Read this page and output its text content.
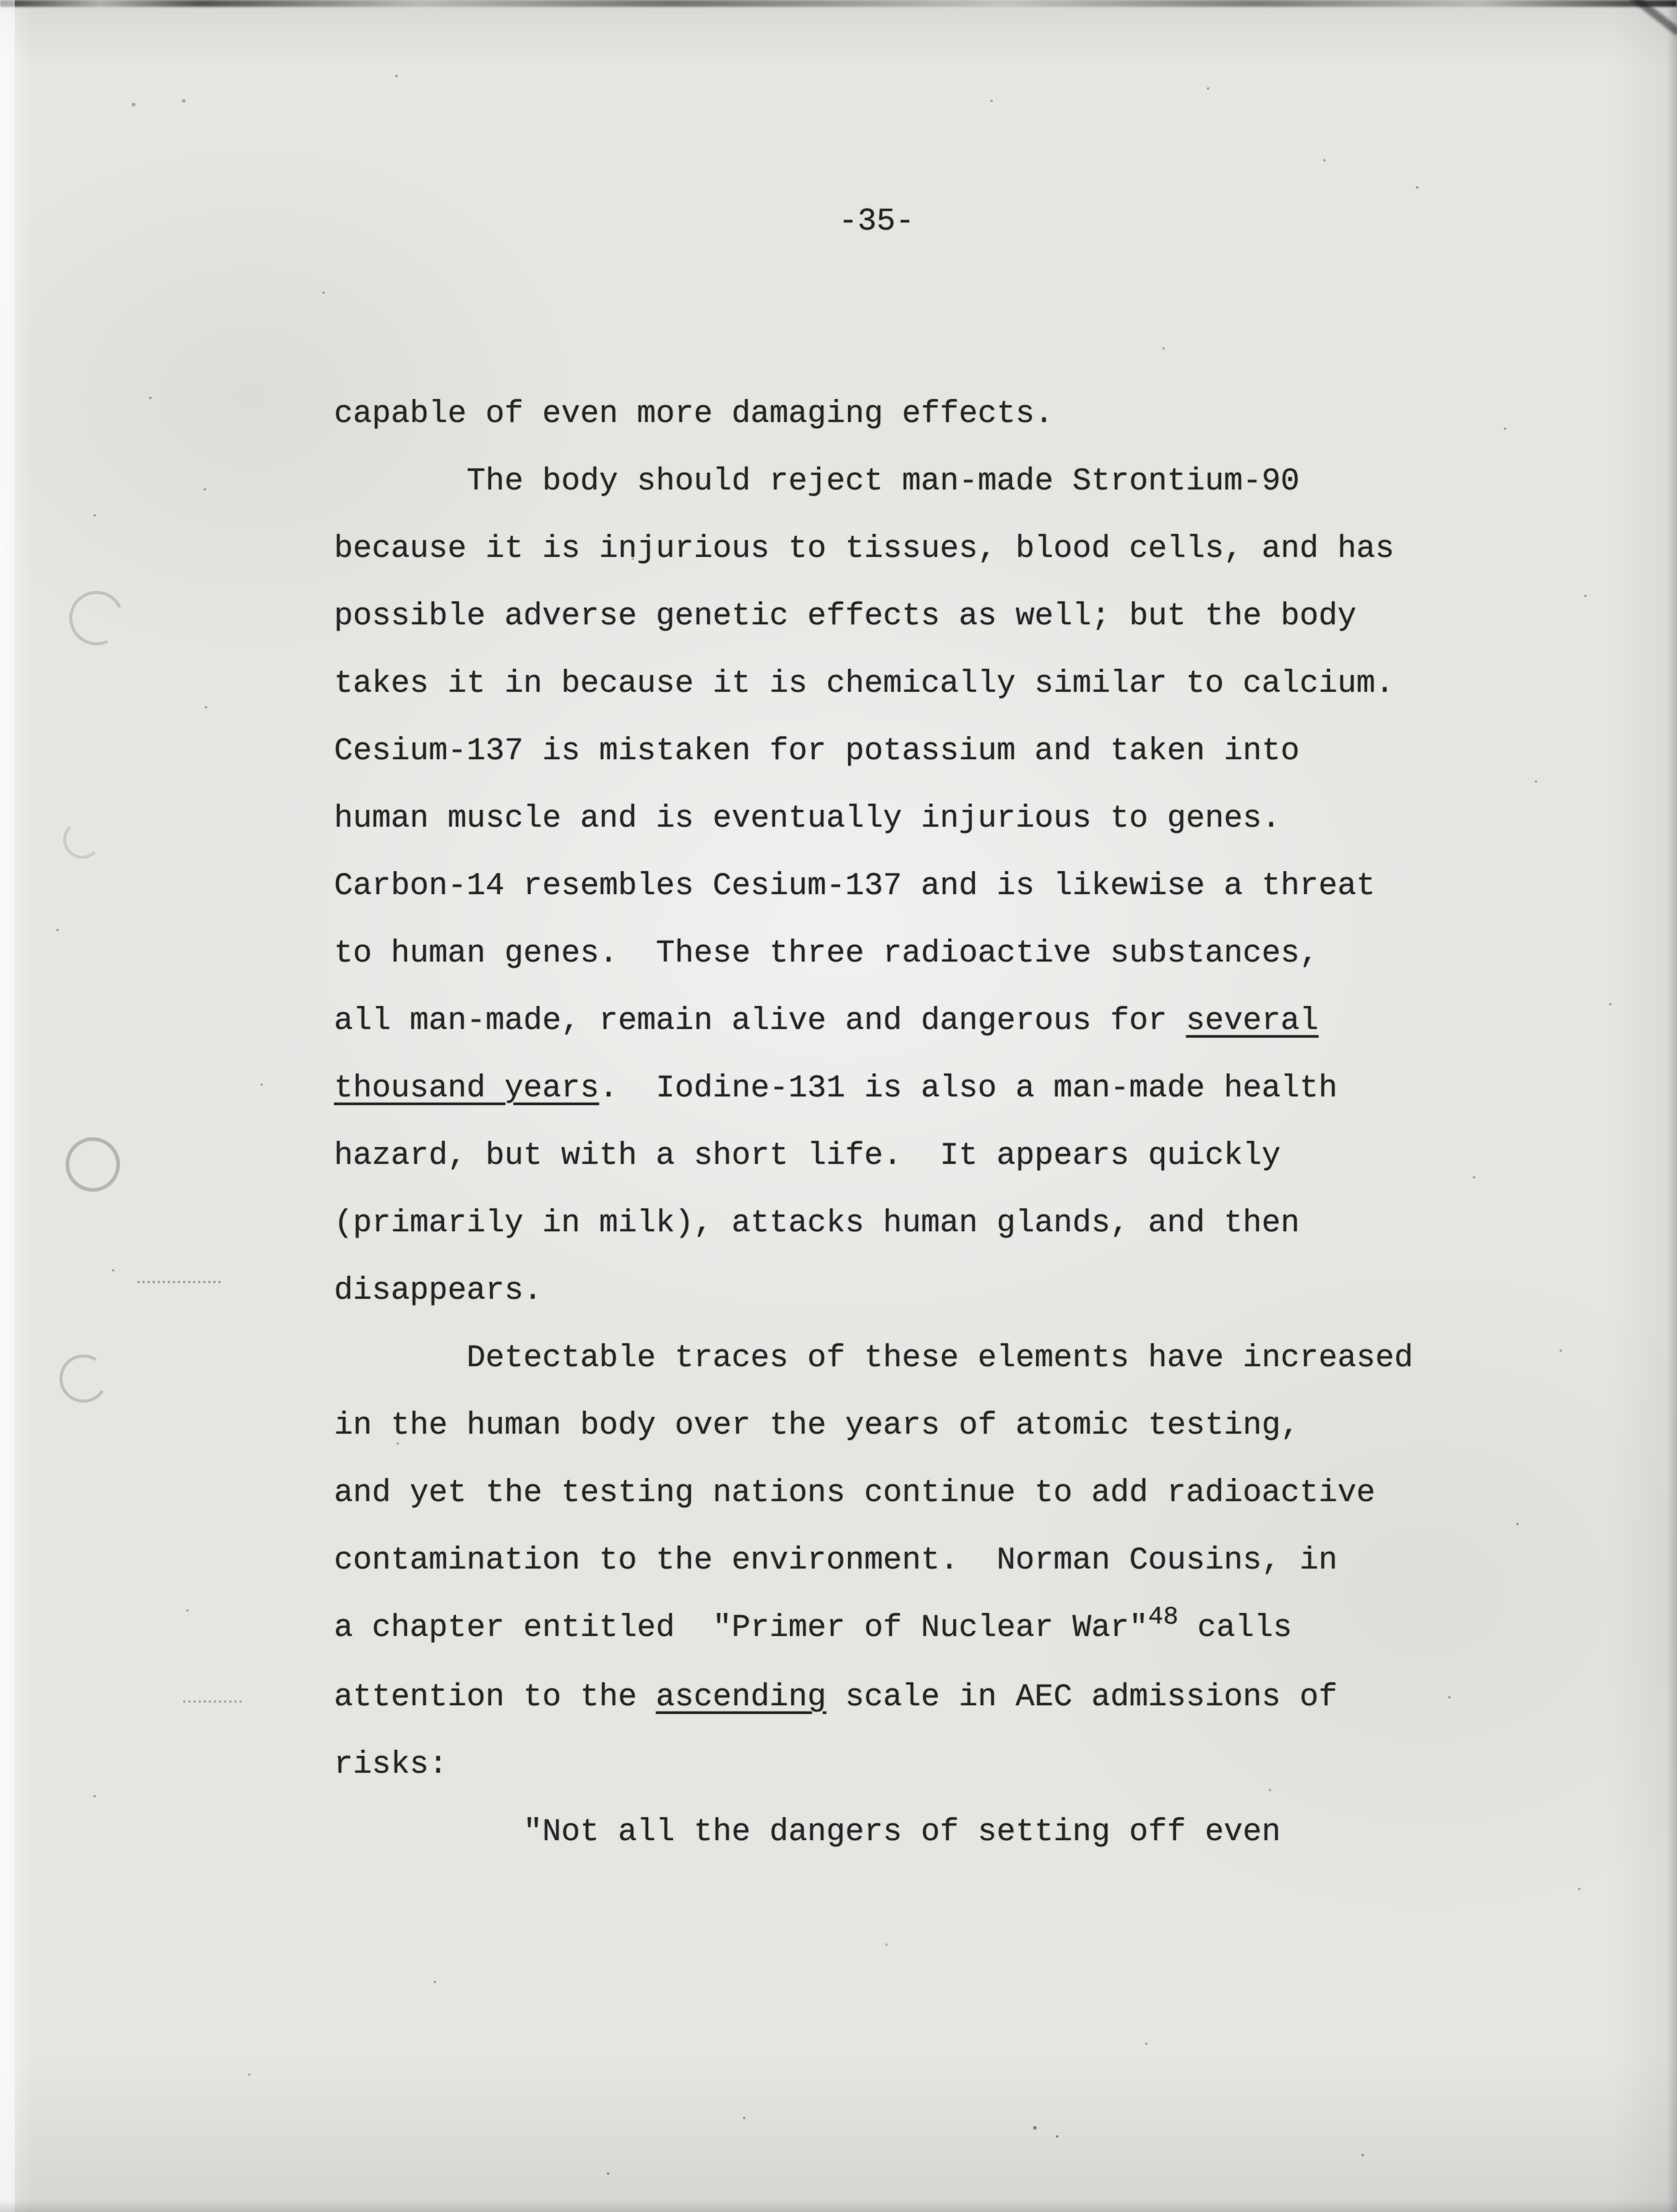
-35-
capable of even more damaging effects.
The body should reject man-made Strontium-90
because it is injurious to tissues, blood cells, and has
possible adverse genetic effects as well; but the body
takes it in because it is chemically similar to calcium.
Cesium-137 is mistaken for potassium and taken into
human muscle and is eventually injurious to genes.
Carbon-14 resembles Cesium-137 and is likewise a threat
to human genes.  These three radioactive substances,
all man-made, remain alive and dangerous for several
thousand years.  Iodine-131 is also a man-made health
hazard, but with a short life.  It appears quickly
(primarily in milk), attacks human glands, and then
disappears.
Detectable traces of these elements have increased
in the human body over the years of atomic testing,
and yet the testing nations continue to add radioactive
contamination to the environment.  Norman Cousins, in
a chapter entitled  "Primer of Nuclear War"$^{48}$ calls
attention to the ascending scale in AEC admissions of
risks:
"Not all the dangers of setting off even
